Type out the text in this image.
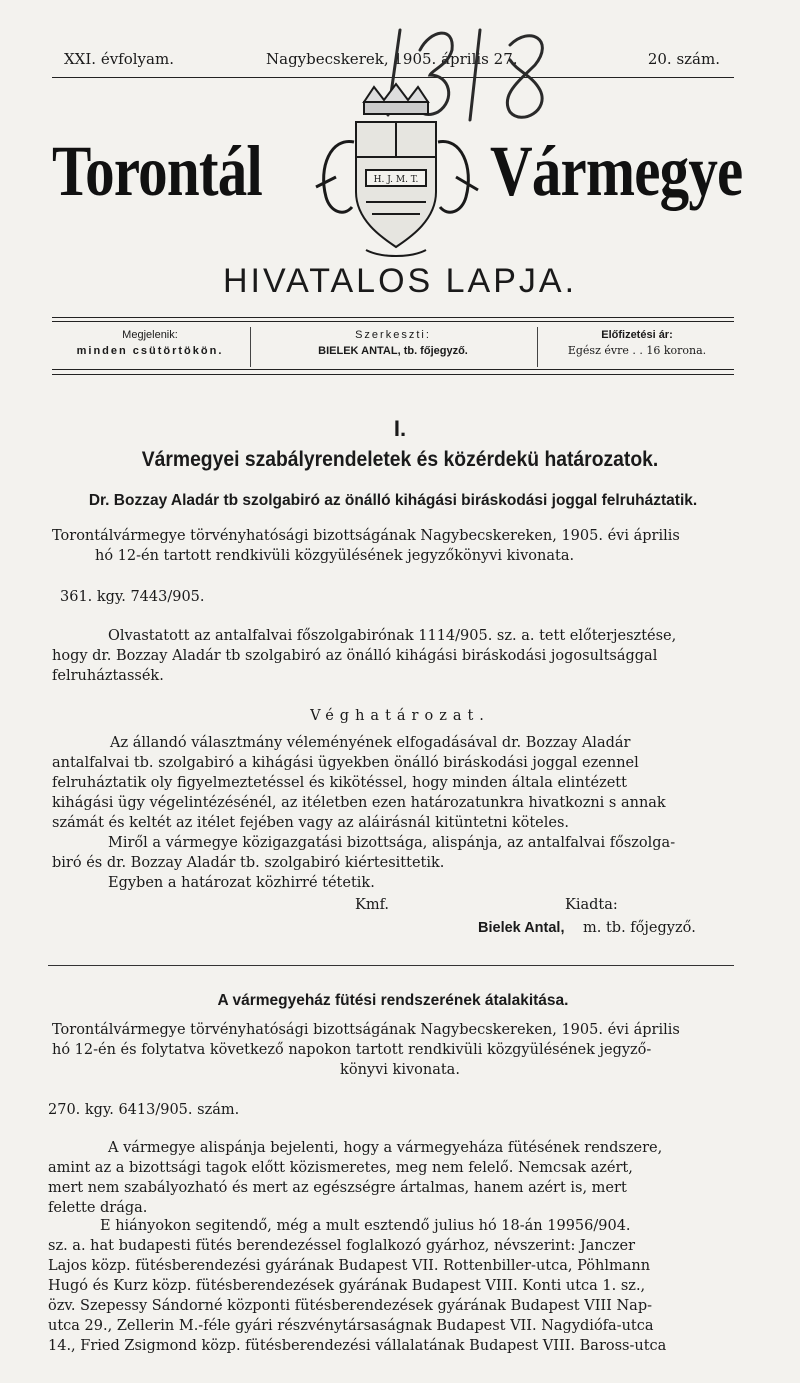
XXI. évfolyam.	Nagybecskerek, 1905. április 27.	20. szám.
Torontál	H. J. M. T. Vármegye
HIVATALOS LAPJA.
Megjelenik:
minden csütörtökön.
Szerkeszti:
BIELEK ANTAL, tb. főjegyző.
Előfizetési ár:
Egész évre . . 16 korona.
I.
Vármegyei szabályrendeletek és közérdekü határozatok.
Dr. Bozzay Aladár tb szolgabiró az önálló kihágási biráskodási joggal felruháztatik.
Torontálvármegye törvényhatósági bizottságának Nagybecskereken, 1905. évi április
hó 12-én tartott rendkivüli közgyülésének jegyzőkönyvi kivonata.
361. kgy. 7443/905.
Olvastatott az antalfalvai főszolgabirónak 1114/905. sz. a. tett előterjesztése,
hogy dr. Bozzay Aladár tb szolgabiró az önálló kihágási biráskodási jogosultsággal
felruháztassék.
Véghatározat.
Az állandó választmány véleményének elfogadásával dr. Bozzay Aladár
antalfalvai tb. szolgabiró a kihágási ügyekben önálló biráskodási joggal ezennel
felruháztatik oly figyelmeztetéssel és kikötéssel, hogy minden általa elintézett
kihágási ügy végelintézésénél, az itéletben ezen határozatunkra hivatkozni s annak
számát és keltét az itélet fejében vagy az aláirásnál kitüntetni köteles.
Miről a vármegye közigazgatási bizottsága, alispánja, az antalfalvai főszolga-
biró és dr. Bozzay Aladár tb. szolgabiró kiértesittetik.
Egyben a határozat közhirré tétetik.
Kmf.	Kiadta:
Bielek Antal, m. tb. főjegyző.
A vármegyeház fütési rendszerének átalakitása.
Torontálvármegye törvényhatósági bizottságának Nagybecskereken, 1905. évi április
hó 12-én és folytatva következő napokon tartott rendkivüli közgyülésének jegyző-
könyvi kivonata.
270. kgy. 6413/905. szám.
A vármegye alispánja bejelenti, hogy a vármegyeháza fütésének rendszere,
amint az a bizottsági tagok előtt közismeretes, meg nem felelő. Nemcsak azért,
mert nem szabályozható és mert az egészségre ártalmas, hanem azért is, mert
felette drága.
E hiányokon segitendő, még a mult esztendő julius hó 18-án 19956/904.
sz. a. hat budapesti fütés berendezéssel foglalkozó gyárhoz, névszerint: Janczer
Lajos közp. fütésberendezési gyárának Budapest VII. Rottenbiller-utca, Pöhlmann
Hugó és Kurz közp. fütésberendezések gyárának Budapest VIII. Konti utca 1. sz.,
özv. Szepessy Sándorné központi fütésberendezések gyárának Budapest VIII Nap-
utca 29., Zellerin M.-féle gyári részvénytársaságnak Budapest VII. Nagydiófa-utca
14., Fried Zsigmond közp. fütésberendezési vállalatának Budapest VIII. Baross-utca
